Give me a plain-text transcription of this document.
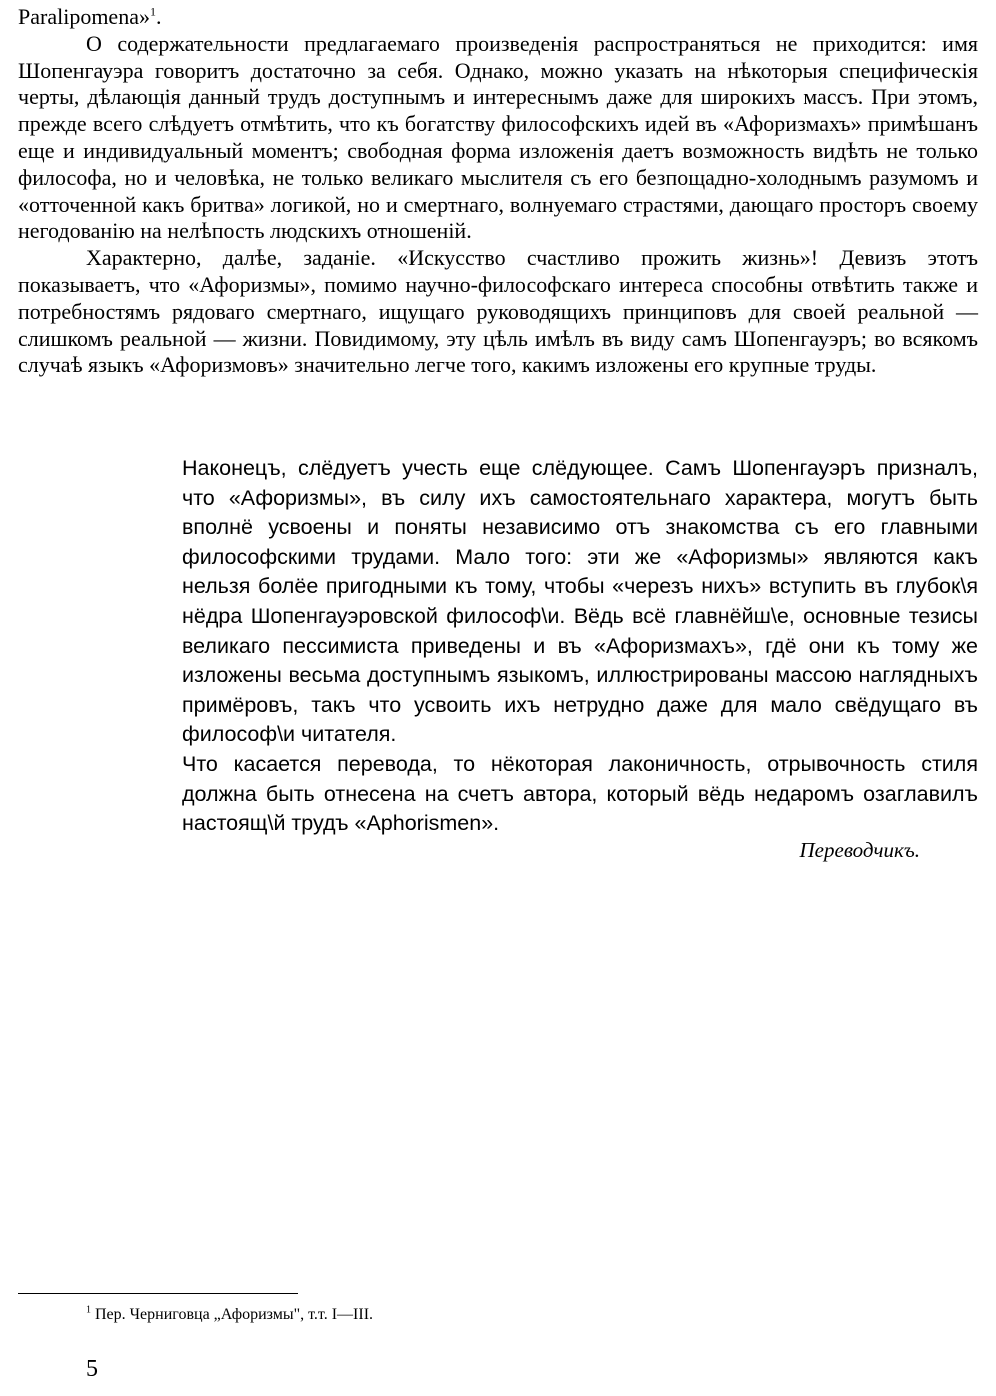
Paralipomena»$^1$.

О содержательности предлагаемаго произведенія распространяться не приходится: имя Шопенгауэра говоритъ достаточно за себя. Однако, можно указать на нѣкоторыя специфическія черты, дѣлающія данный трудъ доступнымъ и интереснымъ даже для широкихъ массъ. При этомъ, прежде всего слѣдуетъ отмѣтить, что къ богатству философскихъ идей въ «Афоризмахъ» примѣшанъ еще и индивидуальный моментъ; свободная форма изложенія даетъ возможность видѣть не только философа, но и человѣка, не только великаго мыслителя съ его безпощадно-холоднымъ разумомъ и «отточенной какъ бритва» логикой, но и смертнаго, волнуемаго страстями, дающаго просторъ своему негодованію на нелѣпость людскихъ отношеній.

Характерно, далѣе, заданіе. «Искусство счастливо прожить жизнь»! Девизъ этотъ показываетъ, что «Афоризмы», помимо научно-философскаго интереса способны отвѣтить также и потребностямъ рядоваго смертнаго, ищущаго руководящихъ принциповъ для своей реальной — слишкомъ реальной — жизни. Повидимому, эту цѣль имѣлъ въ виду самъ Шопенгауэръ; во всякомъ случаѣ языкъ «Афоризмовъ» значительно легче того, какимъ изложены его крупные труды.

Наконецъ, слёдуетъ учесть еще слёдующее. Самъ Шопенгауэръ призналъ, что «Афоризмы», въ силу ихъ самостоятельнаго характера, могутъ быть вполнё усвоены и поняты независимо отъ знакомства съ его главными философскими трудами. Мало того: эти же «Афоризмы» являются какъ нельзя болёе пригодными къ тому, чтобы «черезъ нихъ» вступить въ глубок\я нёдра Шопенгауэровской философ\и. Вёдь всё главнёйш\е, основные тезисы великаго пессимиста приведены и въ «Афоризмахъ», гдё они къ тому же изложены весьма доступнымъ языкомъ, иллюстрированы массою наглядныхъ примёровъ, такъ что усвоить ихъ нетрудно даже для мало свёдущаго въ философ\и читателя.

Что касается перевода, то нёкоторая лаконичность, отрывочность стиля должна быть отнесена на счетъ автора, который вёдь недаромъ озаглавилъ настоящ\й трудъ «Aphorismen».

Переводчикъ.

$^1$ Пер. Черниговца „Афоризмы", т.т. I—III.

5
